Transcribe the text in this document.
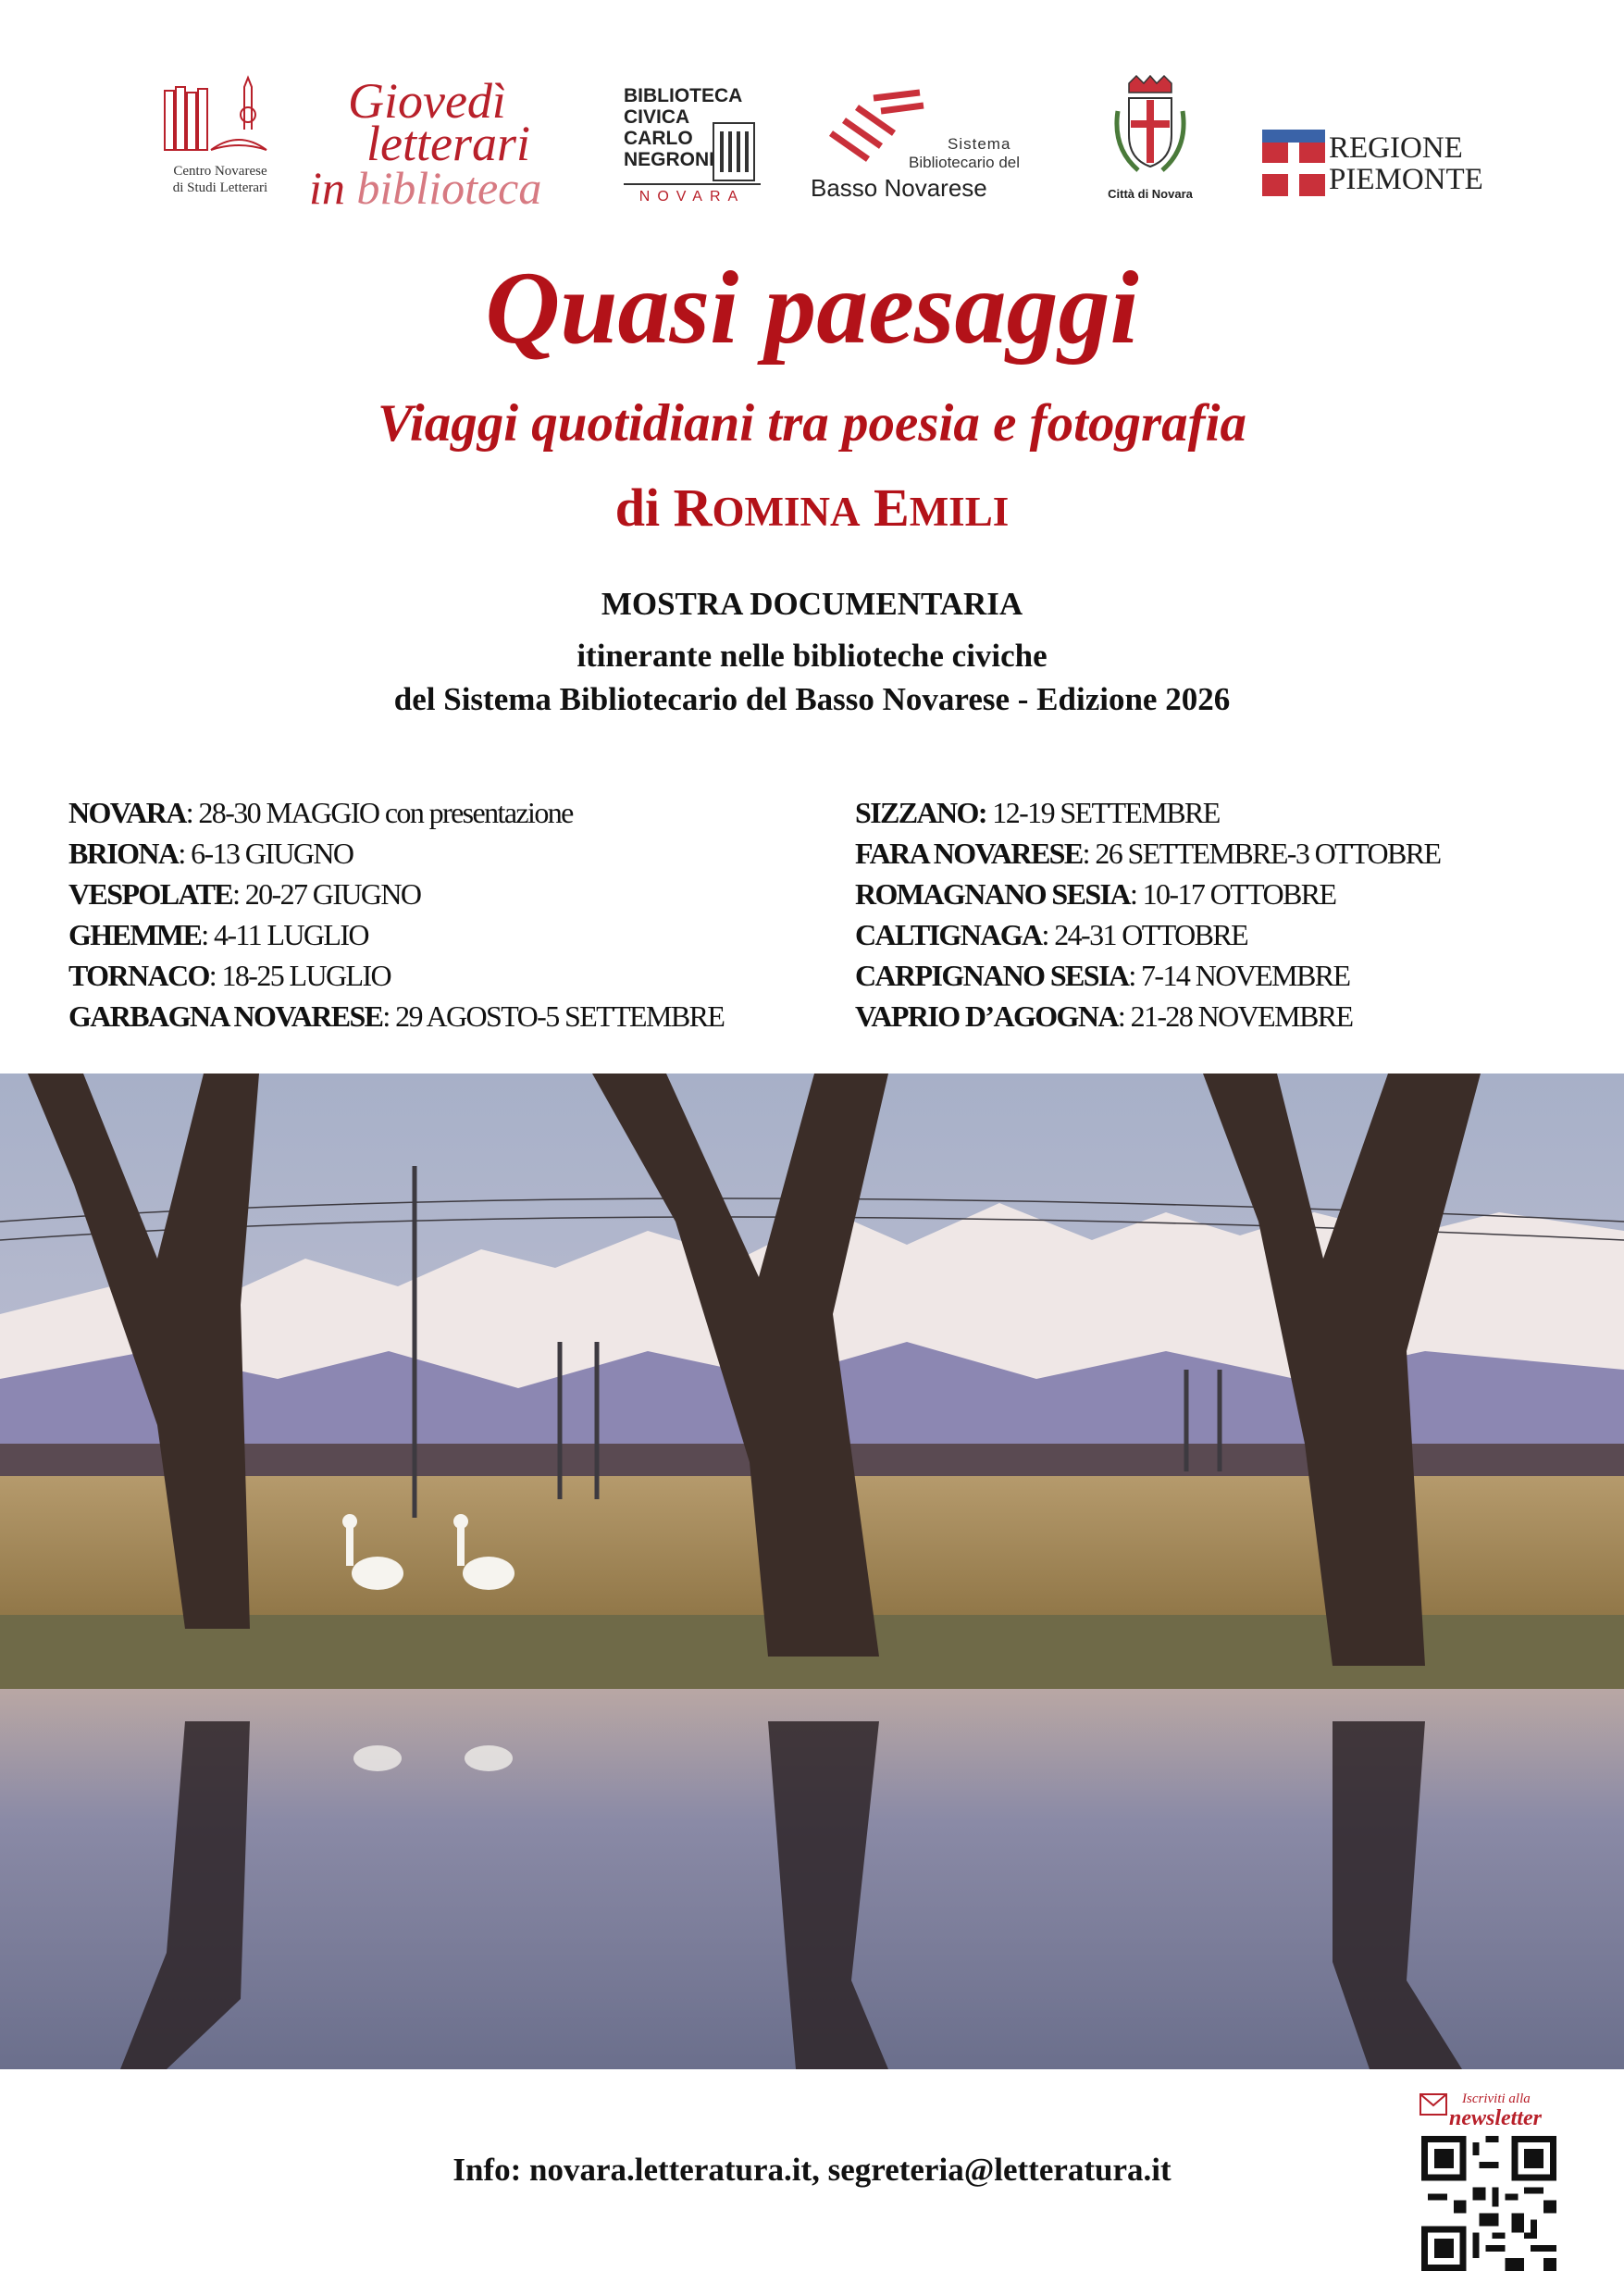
Centro Novarese
di Studi Letterari
Giovedì
letterari
in biblioteca
BIBLIOTECA
CIVICA
CARLO
NEGRONI
NOVARA
Sistema
Bibliotecario del
Basso Novarese	Città di Novara
REGIONE
PIEMONTE
Quasi paesaggi
Viaggi quotidiani tra poesia e fotografia
di ROMINA EMILI
MOSTRA DOCUMENTARIA
itinerante nelle biblioteche civiche
del Sistema Bibliotecario del Basso Novarese - Edizione 2026
NOVARA: 28-30 MAGGIO con presentazione
BRIONA: 6-13 GIUGNO
VESPOLATE: 20-27 GIUGNO
GHEMME: 4-11 LUGLIO
TORNACO: 18-25 LUGLIO
GARBAGNA NOVARESE: 29 AGOSTO-5 SETTEMBRE
SIZZANO: 12-19 SETTEMBRE
FARA NOVARESE: 26 SETTEMBRE-3 OTTOBRE
ROMAGNANO SESIA: 10-17 OTTOBRE
CALTIGNAGA: 24-31 OTTOBRE
CARPIGNANO SESIA: 7-14 NOVEMBRE
VAPRIO D’AGOGNA: 21-28 NOVEMBRE
Info: novara.letteratura.it, segreteria@letteratura.it
Iscriviti alla
newsletter
